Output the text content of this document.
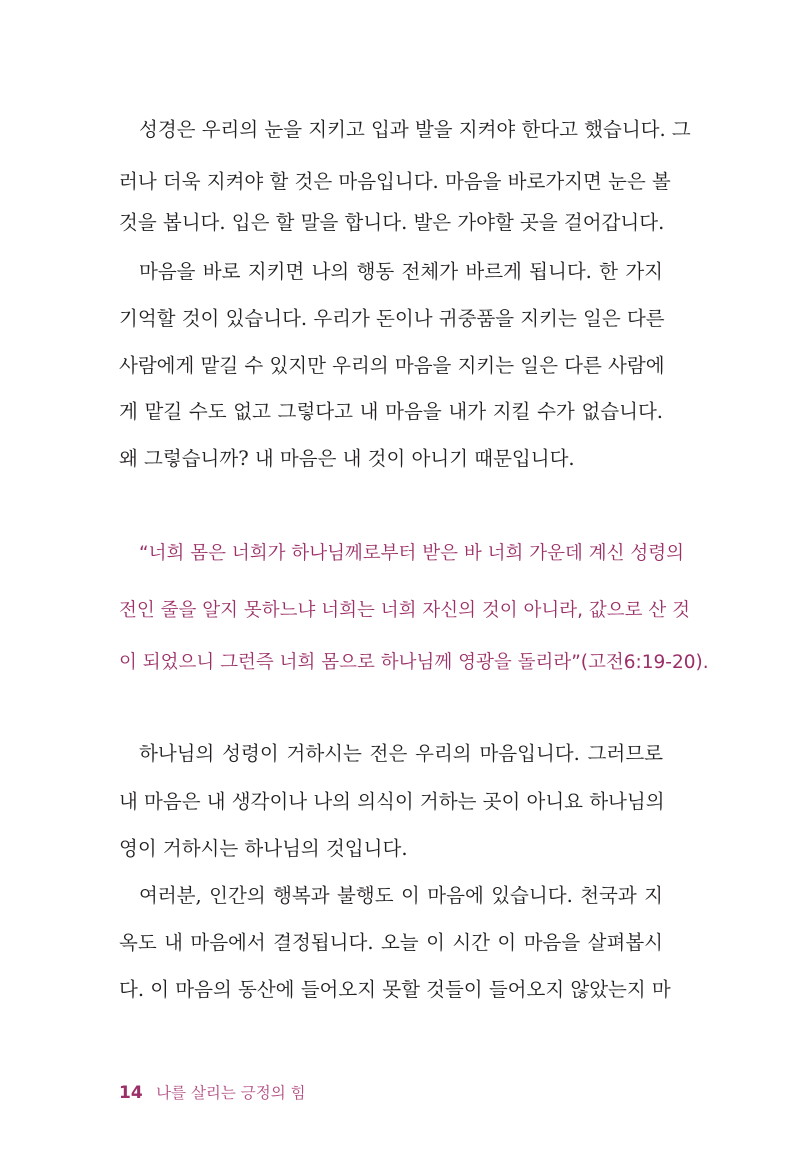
성경은 우리의 눈을 지키고 입과 발을 지켜야 한다고 했습니다. 그

러나 더욱 지켜야 할 것은 마음입니다. 마음을 바로가지면 눈은 볼

것을 봅니다. 입은 할 말을 합니다. 발은 가야할 곳을 걸어갑니다.

마음을 바로 지키면 나의 행동 전체가 바르게 됩니다. 한 가지

기억할 것이 있습니다. 우리가 돈이나 귀중품을 지키는 일은 다른

사람에게 맡길 수 있지만 우리의 마음을 지키는 일은 다른 사람에

게 맡길 수도 없고 그렇다고 내 마음을 내가 지킬 수가 없습니다.

왜 그렇습니까? 내 마음은 내 것이 아니기 때문입니다.

“너희 몸은 너희가 하나님께로부터 받은 바 너희 가운데 계신 성령의

전인 줄을 알지 못하느냐 너희는 너희 자신의 것이 아니라, 값으로 산 것

이 되었으니 그런즉 너희 몸으로 하나님께 영광을 돌리라”(고전6:19-20).

하나님의 성령이 거하시는 전은 우리의 마음입니다. 그러므로

내 마음은 내 생각이나 나의 의식이 거하는 곳이 아니요 하나님의

영이 거하시는 하나님의 것입니다.

여러분, 인간의 행복과 불행도 이 마음에 있습니다. 천국과 지

옥도 내 마음에서 결정됩니다. 오늘 이 시간 이 마음을 살펴봅시

다. 이 마음의 동산에 들어오지 못할 것들이 들어오지 않았는지 마

14 나를 살리는 긍정의 힘
